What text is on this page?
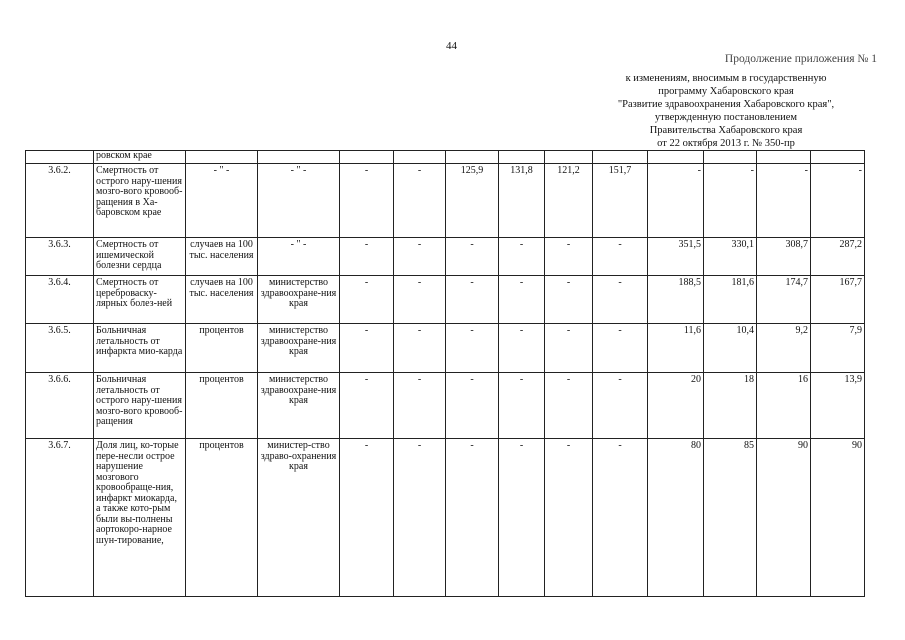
44
Продолжение приложения № 1
к изменениям, вносимым в государственную
программу Хабаровского края
"Развитие здравоохранения Хабаровского края",
утвержденную постановлением
Правительства Хабаровского края
от 22 октября 2013 г. № 350-пр
	ровском крае												
3.6.2.	Смертность от острого нару-шения мозго-вого кровооб-ращения в Ха-баровском крае	- " -	- " -	-	-	125,9	131,8	121,2	151,7	-	-	-	-
3.6.3.	Смертность от ишемической болезни сердца	случаев на 100 тыс. населения	- " -	-	-	-	-	-	-	351,5	330,1	308,7	287,2
3.6.4.	Смертность от цереброваску-лярных болез-ней	случаев на 100 тыс. населения	министерство здравоохране-ния края	-	-	-	-	-	-	188,5	181,6	174,7	167,7
3.6.5.	Больничная летальность от инфаркта мио-карда	процентов	министерство здравоохране-ния края	-	-	-	-	-	-	11,6	10,4	9,2	7,9
3.6.6.	Больничная летальность от острого нару-шения мозго-вого кровооб-ращения	процентов	министерство здравоохране-ния края	-	-	-	-	-	-	20	18	16	13,9
3.6.7.	Доля лиц, ко-торые пере-несли острое нарушение мозгового кровообраще-ния, инфаркт миокарда, а также кото-рым были вы-полнены аортокоро-нарное шун-тирование,	процентов	министер-ство здраво-охранения края	-	-	-	-	-	-	80	85	90	90
